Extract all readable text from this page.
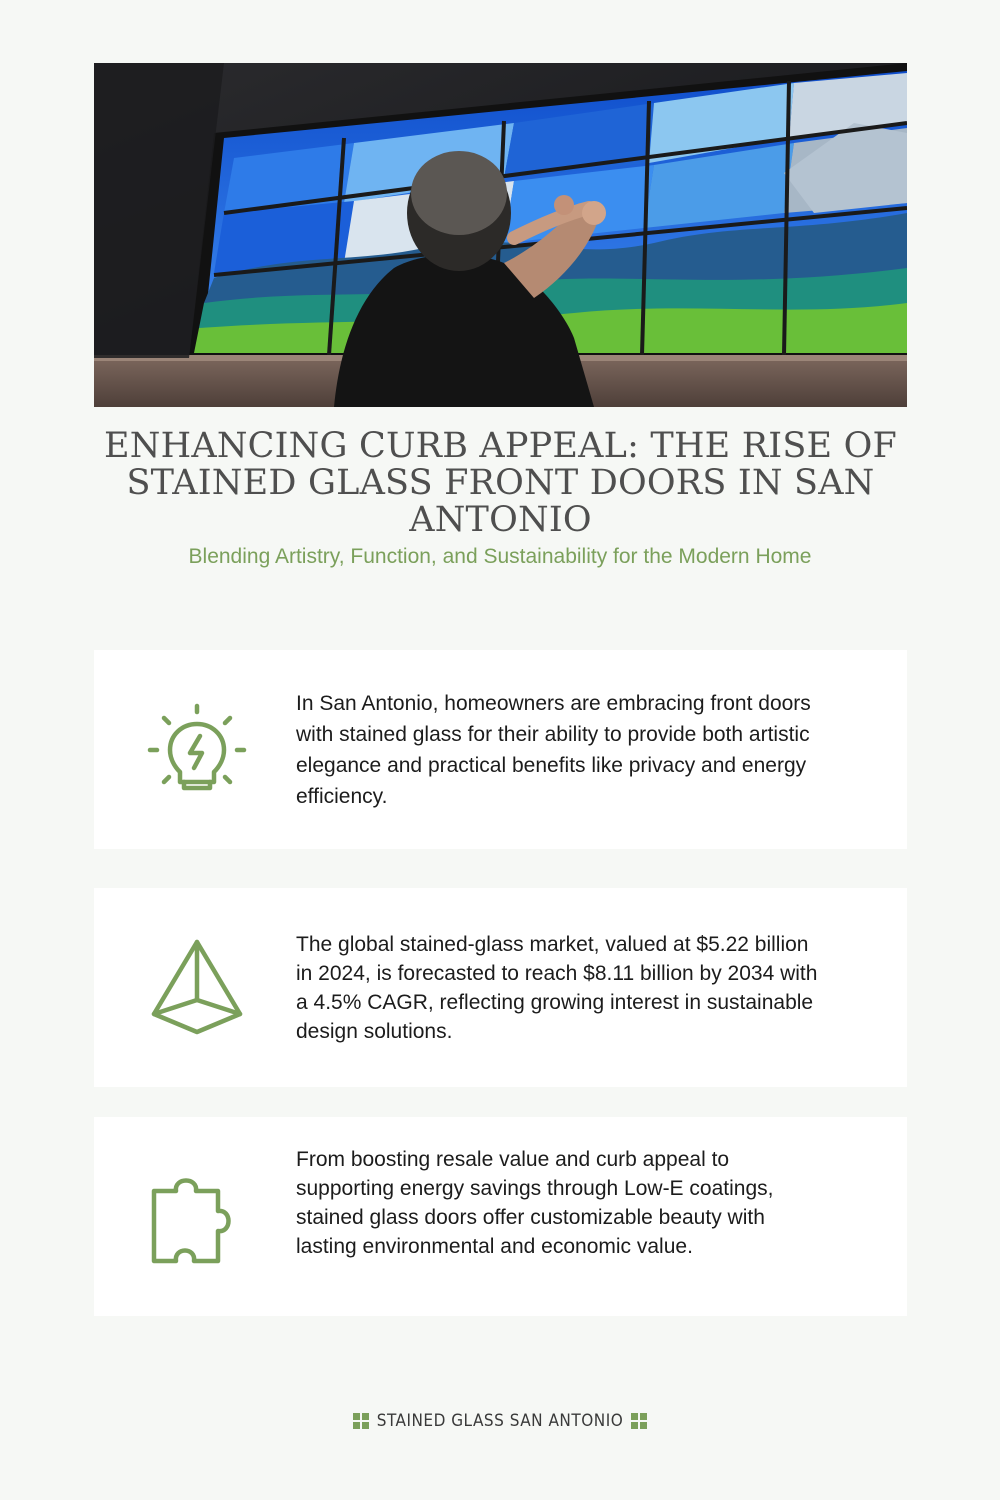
ENHANCING CURB APPEAL: THE RISE OF STAINED GLASS FRONT DOORS IN SAN ANTONIO

Blending Artistry, Function, and Sustainability for the Modern Home

In San Antonio, homeowners are embracing front doors with stained glass for their ability to provide both artistic elegance and practical benefits like privacy and energy efficiency.

The global stained-glass market, valued at $5.22 billion in 2024, is forecasted to reach $8.11 billion by 2034 with a 4.5% CAGR, reflecting growing interest in sustainable design solutions.

From boosting resale value and curb appeal to supporting energy savings through Low-E coatings, stained glass doors offer customizable beauty with lasting environmental and economic value.

STAINED GLASS SAN ANTONIO
